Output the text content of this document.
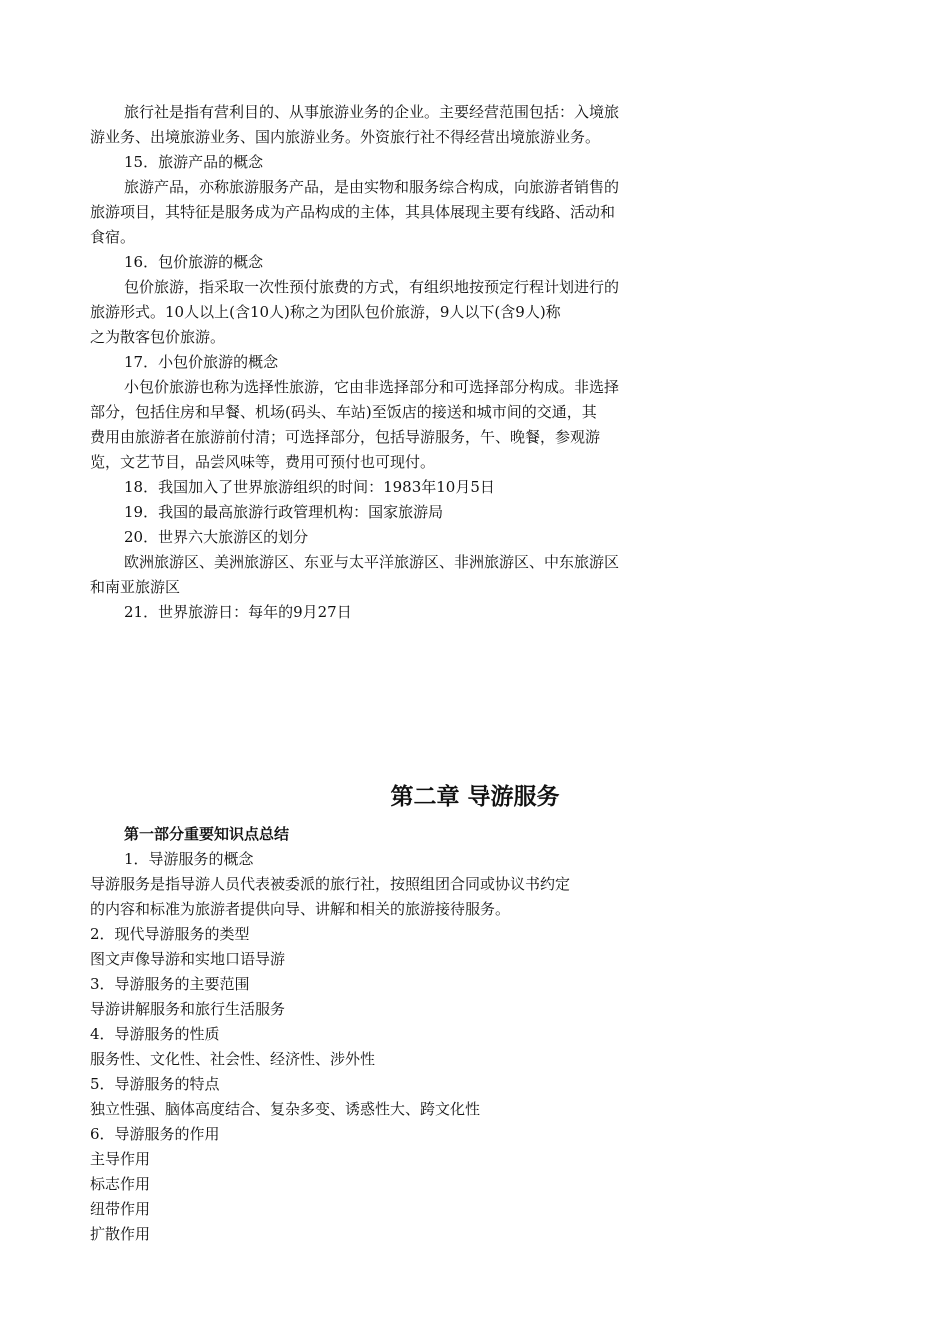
旅行社是指有营利目的、从事旅游业务的企业。主要经营范围包括：入境旅
游业务、出境旅游业务、国内旅游业务。外资旅行社不得经营出境旅游业务。
15．旅游产品的概念
旅游产品，亦称旅游服务产品，是由实物和服务综合构成，向旅游者销售的
旅游项目，其特征是服务成为产品构成的主体，其具体展现主要有线路、活动和
食宿。
16．包价旅游的概念
包价旅游，指采取一次性预付旅费的方式，有组织地按预定行程计划进行的
旅游形式。10人以上(含10人)称之为团队包价旅游，9人以下(含9人)称
之为散客包价旅游。
17．小包价旅游的概念
小包价旅游也称为选择性旅游，它由非选择部分和可选择部分构成。非选择
部分，包括住房和早餐、机场(码头、车站)至饭店的接送和城市间的交通，其
费用由旅游者在旅游前付清；可选择部分，包括导游服务，午、晚餐，参观游
览，文艺节目，品尝风味等，费用可预付也可现付。
18．我国加入了世界旅游组织的时间：1983年10月5日
19．我国的最高旅游行政管理机构：国家旅游局
20．世界六大旅游区的划分
欧洲旅游区、美洲旅游区、东亚与太平洋旅游区、非洲旅游区、中东旅游区
和南亚旅游区
21．世界旅游日：每年的9月27日
第二章 导游服务
第一部分重要知识点总结
1．导游服务的概念
导游服务是指导游人员代表被委派的旅行社，按照组团合同或协议书约定
的内容和标准为旅游者提供向导、讲解和相关的旅游接待服务。
2．现代导游服务的类型
图文声像导游和实地口语导游
3．导游服务的主要范围
导游讲解服务和旅行生活服务
4．导游服务的性质
服务性、文化性、社会性、经济性、涉外性
5．导游服务的特点
独立性强、脑体高度结合、复杂多变、诱惑性大、跨文化性
6．导游服务的作用
主导作用
标志作用
纽带作用
扩散作用
